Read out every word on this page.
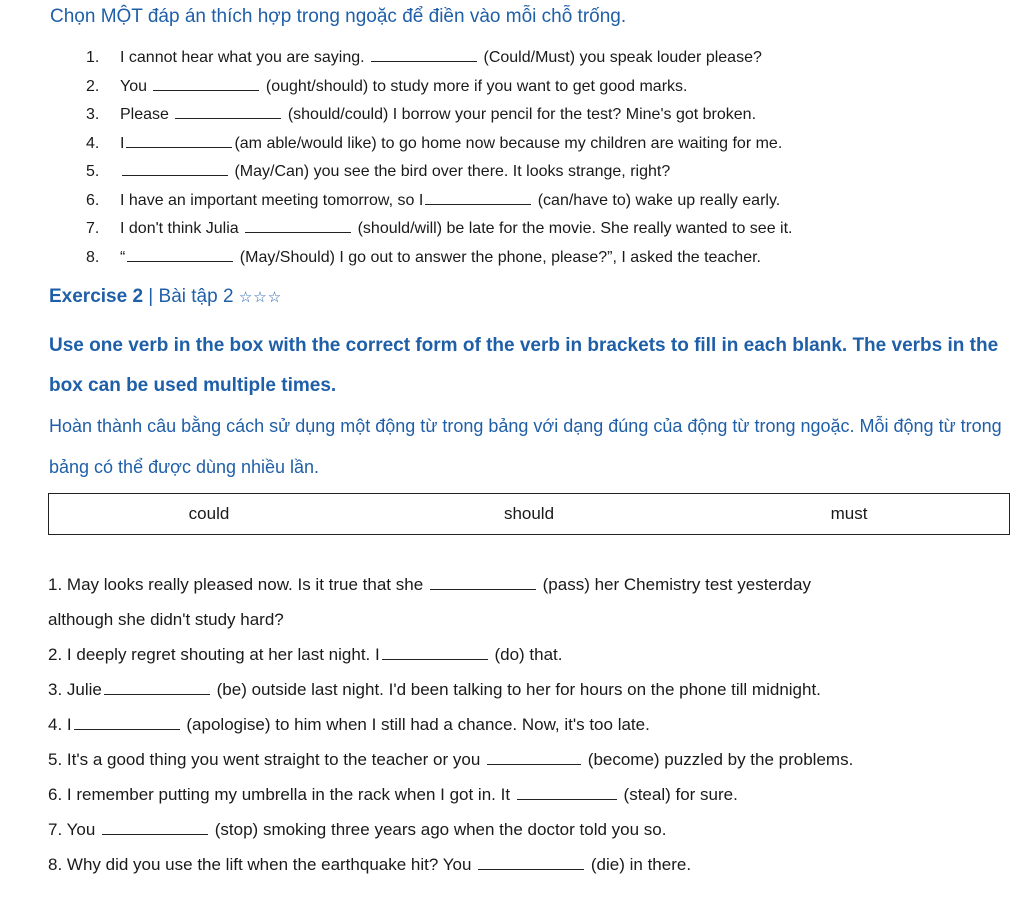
Chọn MỘT đáp án thích hợp trong ngoặc để điền vào mỗi chỗ trống.
1. I cannot hear what you are saying.	(Could/Must) you speak louder please?
2. You	(ought/should) to study more if you want to get good marks.
3. Please	(should/could) I borrow your pencil for the test? Mine's got broken.
4. I	(am able/would like) to go home now because my children are waiting for me.
5.	(May/Can) you see the bird over there. It looks strange, right?
6. I have an important meeting tomorrow, so I	(can/have to) wake up really early.
7. I don't think Julia	(should/will) be late for the movie. She really wanted to see it.
8. “	(May/Should) I go out to answer the phone, please?”, I asked the teacher.
Exercise 2 | Bài tập 2 ☆☆☆
Use one verb in the box with the correct form of the verb in brackets to fill in each blank. The verbs in the box can be used multiple times.
Hoàn thành câu bằng cách sử dụng một động từ trong bảng với dạng đúng của động từ trong ngoặc. Mỗi động từ trong bảng có thể được dùng nhiều lần.
could	should	must
1. May looks really pleased now. Is it true that she	(pass) her Chemistry test yesterday
although she didn't study hard?
2. I deeply regret shouting at her last night. I	(do) that.
3. Julie	(be) outside last night. I'd been talking to her for hours on the phone till midnight.
4. I	(apologise) to him when I still had a chance. Now, it's too late.
5. It's a good thing you went straight to the teacher or you	(become) puzzled by the problems.
6. I remember putting my umbrella in the rack when I got in. It	(steal) for sure.
7. You	(stop) smoking three years ago when the doctor told you so.
8. Why did you use the lift when the earthquake hit? You	(die) in there.
